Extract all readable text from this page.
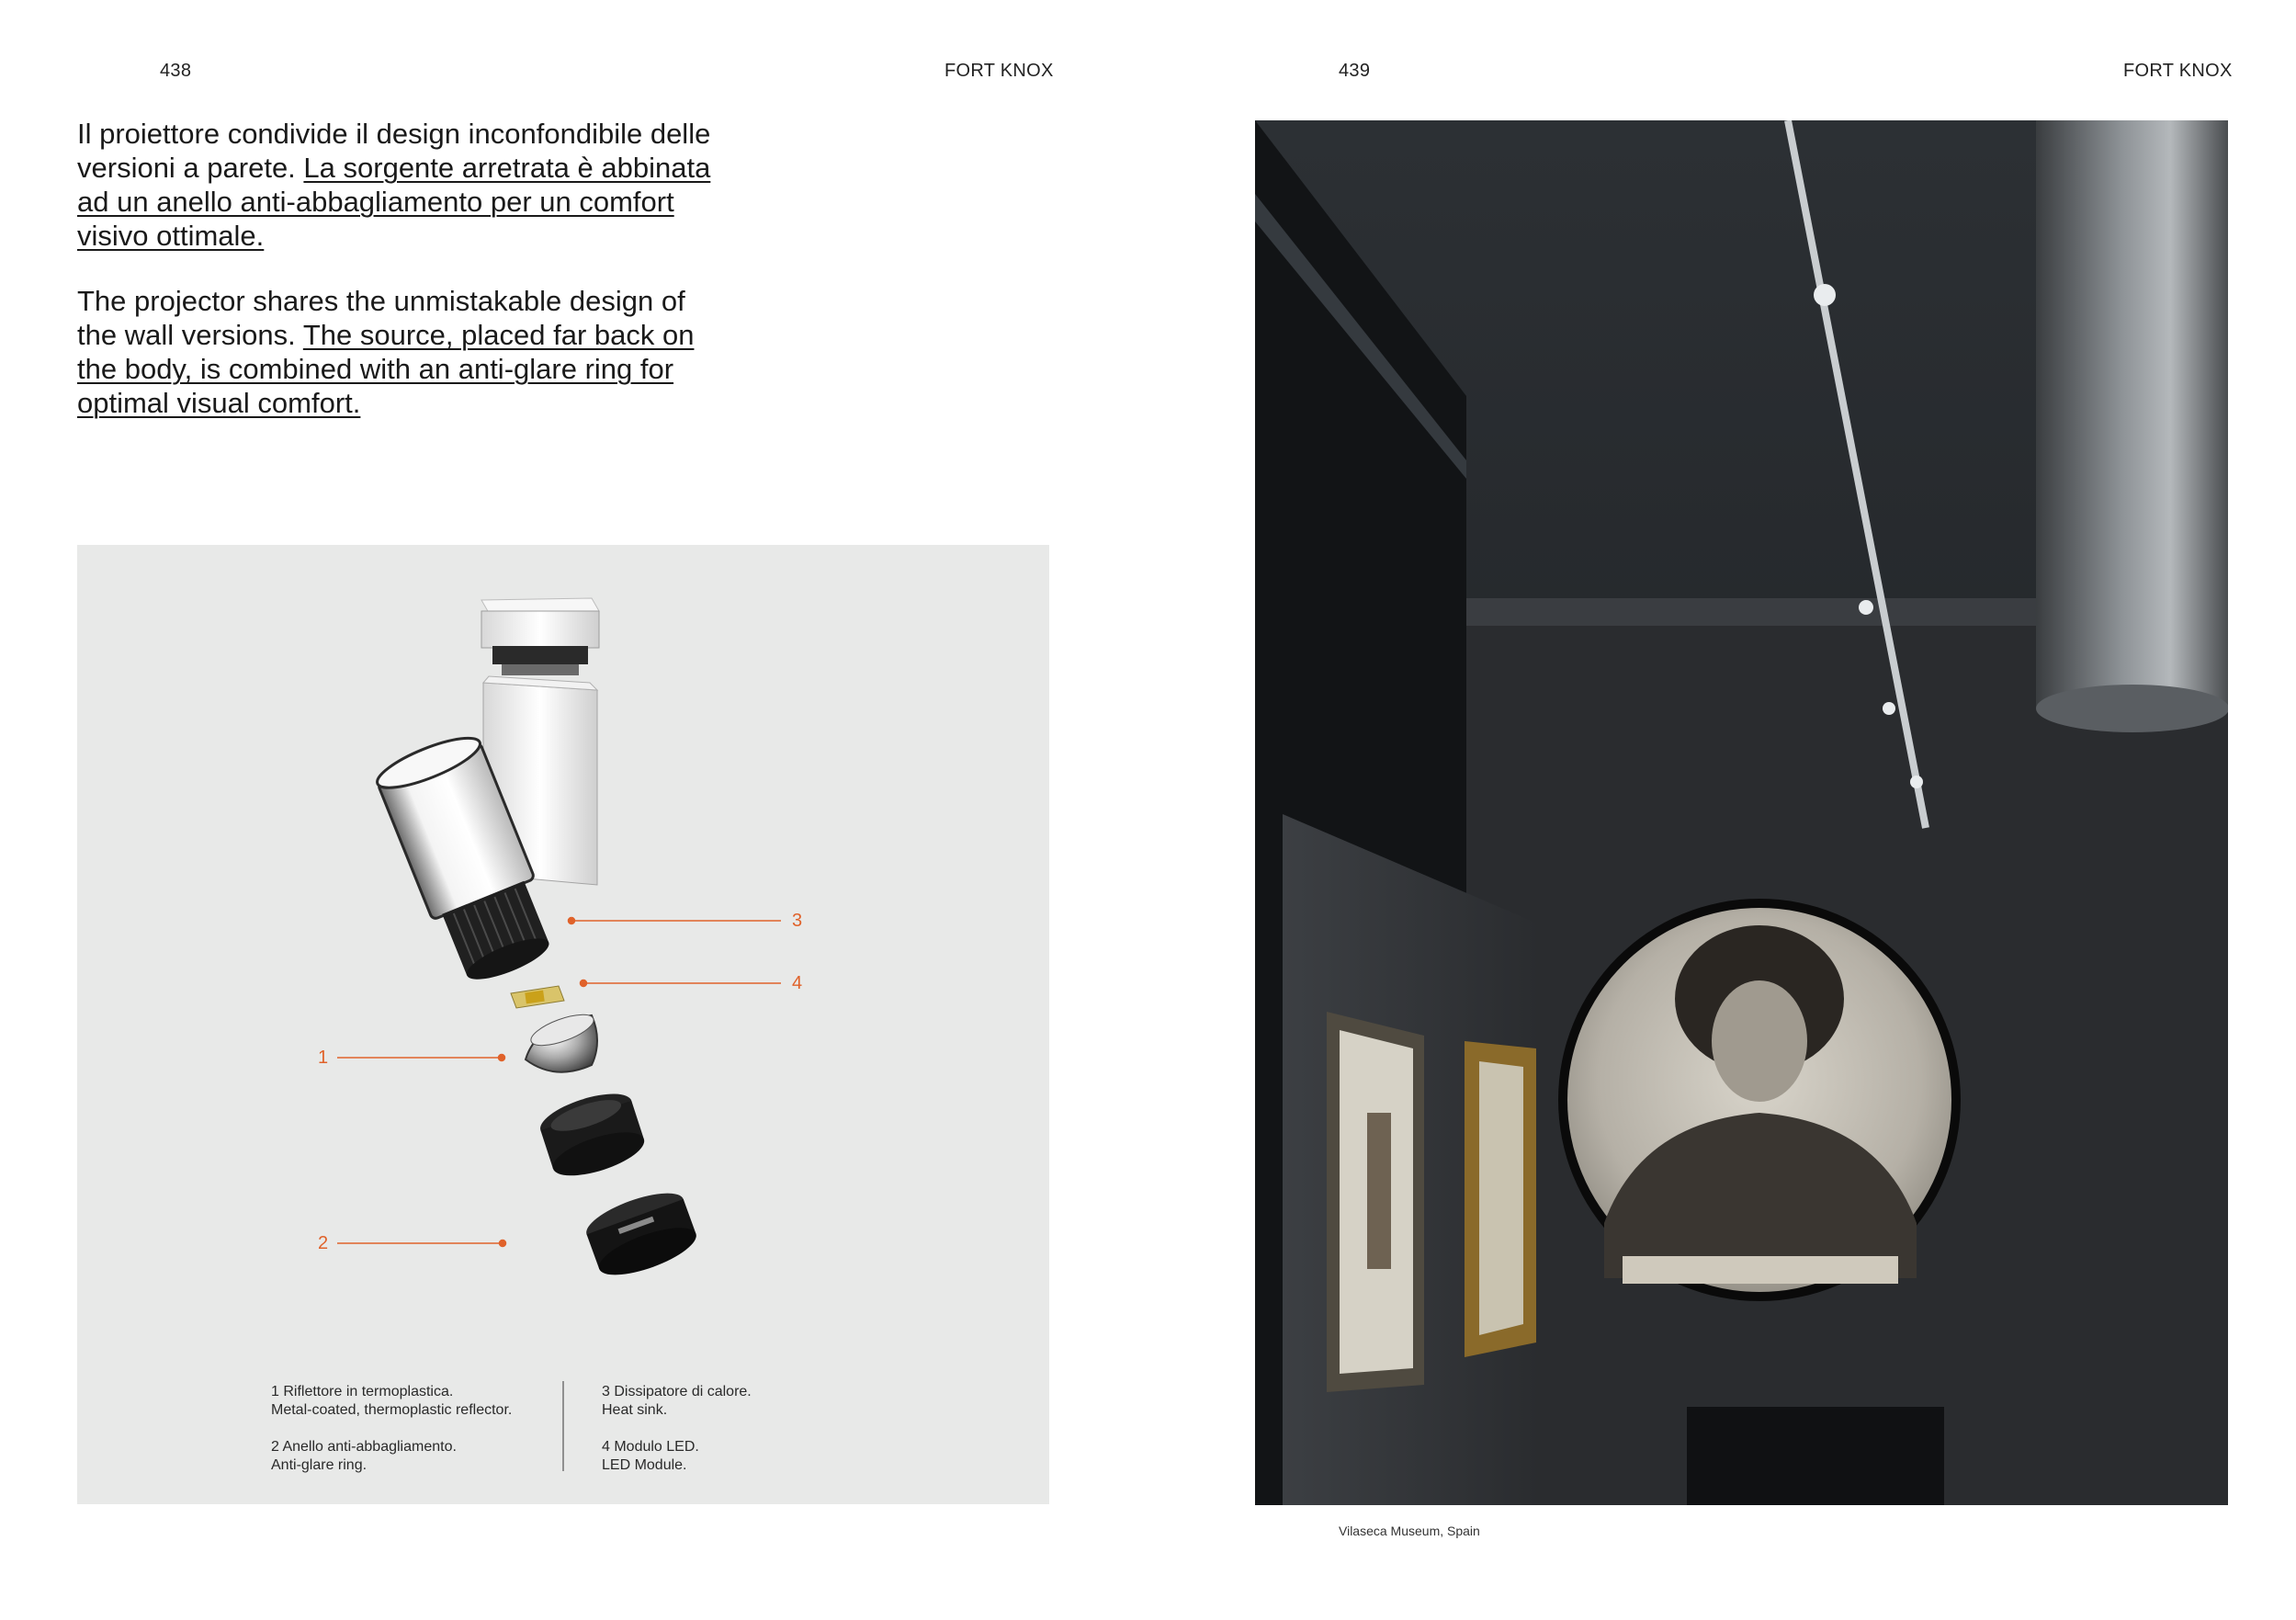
438	FORT KNOX	439	FORT KNOX
Il proiettore condivide il design inconfondibile delle versioni a parete. La sorgente arretrata è abbinata ad un anello anti-abbagliamento per un comfort visivo ottimale.
The projector shares the unmistakable design of the wall versions. The source, placed far back on the body, is combined with an anti-glare ring for optimal visual comfort.
3
4
1
2
1 Riflettore in termoplastica.
Metal-coated, thermoplastic reflector.
2 Anello anti-abbagliamento.
Anti-glare ring.
3 Dissipatore di calore.
Heat sink.
4 Modulo LED.
LED Module.
Vilaseca Museum, Spain
